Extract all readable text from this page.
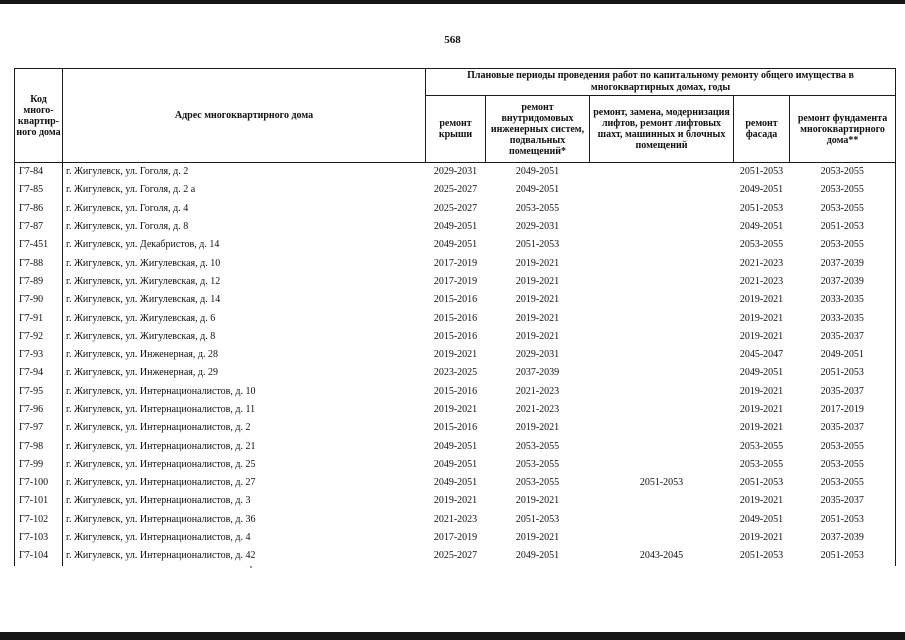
568
Код много-квартир-ного дома	Адрес многоквартирного дома	Плановые периоды проведения работ по капитальному ремонту общего имущества в многоквартирных домах, годы				
		ремонт крыши	ремонт внутридомовых инженерных систем, подвальных помещений*	ремонт, замена, модернизация лифтов, ремонт лифтовых шахт, машинных и блочных помещений	ремонт фасада	ремонт фундамента многоквартирного дома**
Г7-84	г. Жигулевск, ул. Гоголя, д. 2	2029-2031	2049-2051		2051-2053	2053-2055
Г7-85	г. Жигулевск, ул. Гоголя, д. 2 а	2025-2027	2049-2051		2049-2051	2053-2055
Г7-86	г. Жигулевск, ул. Гоголя, д. 4	2025-2027	2053-2055		2051-2053	2053-2055
Г7-87	г. Жигулевск, ул. Гоголя, д. 8	2049-2051	2029-2031		2049-2051	2051-2053
Г7-451	г. Жигулевск, ул. Декабристов, д. 14	2049-2051	2051-2053		2053-2055	2053-2055
Г7-88	г. Жигулевск, ул. Жигулевская, д. 10	2017-2019	2019-2021		2021-2023	2037-2039
Г7-89	г. Жигулевск, ул. Жигулевская, д. 12	2017-2019	2019-2021		2021-2023	2037-2039
Г7-90	г. Жигулевск, ул. Жигулевская, д. 14	2015-2016	2019-2021		2019-2021	2033-2035
Г7-91	г. Жигулевск, ул. Жигулевская, д. 6	2015-2016	2019-2021		2019-2021	2033-2035
Г7-92	г. Жигулевск, ул. Жигулевская, д. 8	2015-2016	2019-2021		2019-2021	2035-2037
Г7-93	г. Жигулевск, ул. Инженерная, д. 28	2019-2021	2029-2031		2045-2047	2049-2051
Г7-94	г. Жигулевск, ул. Инженерная, д. 29	2023-2025	2037-2039		2049-2051	2051-2053
Г7-95	г. Жигулевск, ул. Интернационалистов, д. 10	2015-2016	2021-2023		2019-2021	2035-2037
Г7-96	г. Жигулевск, ул. Интернационалистов, д. 11	2019-2021	2021-2023		2019-2021	2017-2019
Г7-97	г. Жигулевск, ул. Интернационалистов, д. 2	2015-2016	2019-2021		2019-2021	2035-2037
Г7-98	г. Жигулевск, ул. Интернационалистов, д. 21	2049-2051	2053-2055		2053-2055	2053-2055
Г7-99	г. Жигулевск, ул. Интернационалистов, д. 25	2049-2051	2053-2055		2053-2055	2053-2055
Г7-100	г. Жигулевск, ул. Интернационалистов, д. 27	2049-2051	2053-2055	2051-2053	2051-2053	2053-2055
Г7-101	г. Жигулевск, ул. Интернационалистов, д. 3	2019-2021	2019-2021		2019-2021	2035-2037
Г7-102	г. Жигулевск, ул. Интернационалистов, д. 36	2021-2023	2051-2053		2049-2051	2051-2053
Г7-103	г. Жигулевск, ул. Интернационалистов, д. 4	2017-2019	2019-2021		2019-2021	2037-2039
Г7-104	г. Жигулевск, ул. Интернационалистов, д. 42	2025-2027	2049-2051	2043-2045	2051-2053	2051-2053
